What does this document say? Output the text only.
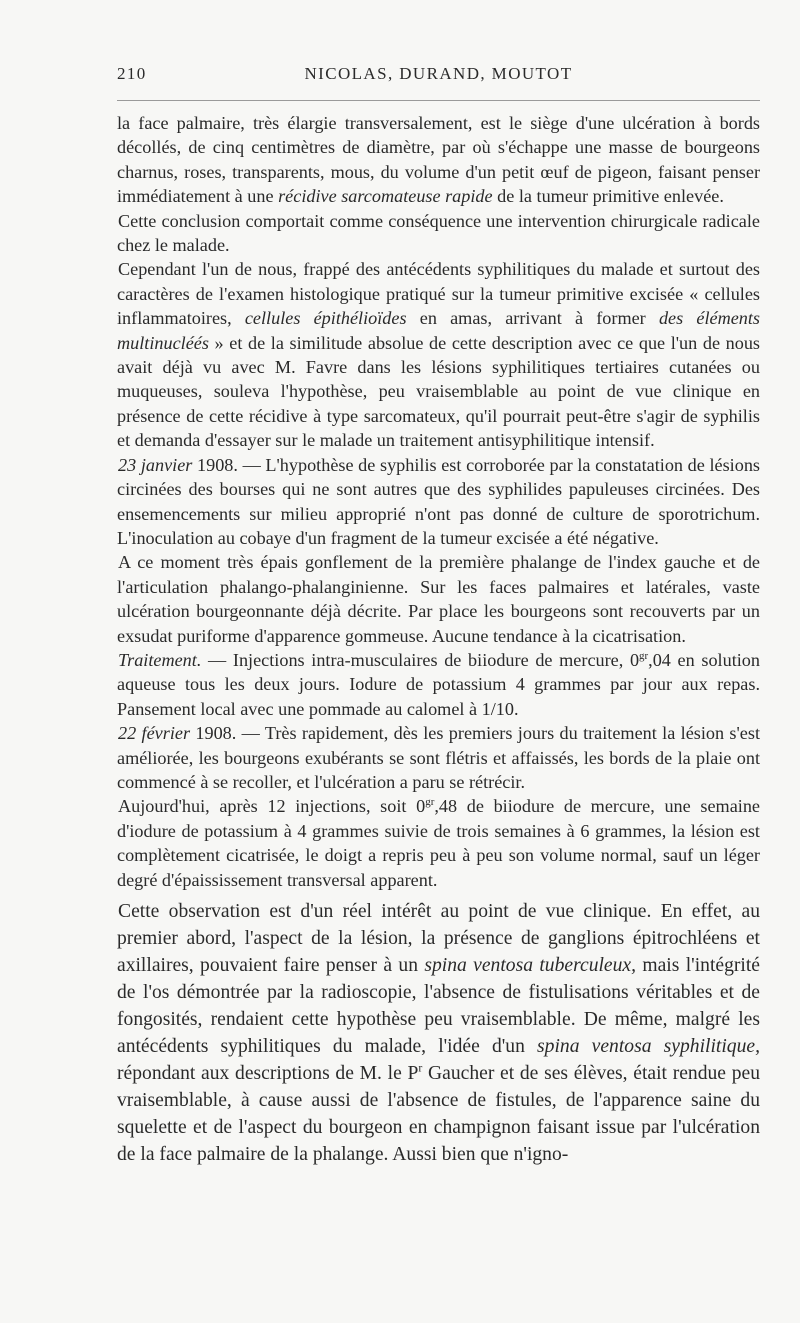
210	NICOLAS, DURAND, MOUTOT

la face palmaire, très élargie transversalement, est le siège d'une ulcération à bords décollés, de cinq centimètres de diamètre, par où s'échappe une masse de bourgeons charnus, roses, transparents, mous, du volume d'un petit œuf de pigeon, faisant penser immédiatement à une récidive sarcomateuse rapide de la tumeur primitive enlevée.

Cette conclusion comportait comme conséquence une intervention chirurgicale radicale chez le malade.

Cependant l'un de nous, frappé des antécédents syphilitiques du malade et surtout des caractères de l'examen histologique pratiqué sur la tumeur primitive excisée « cellules inflammatoires, cellules épithélioïdes en amas, arrivant à former des éléments multinucléés » et de la similitude absolue de cette description avec ce que l'un de nous avait déjà vu avec M. Favre dans les lésions syphilitiques tertiaires cutanées ou muqueuses, souleva l'hypothèse, peu vraisemblable au point de vue clinique en présence de cette récidive à type sarcomateux, qu'il pourrait peut-être s'agir de syphilis et demanda d'essayer sur le malade un traitement antisyphilitique intensif.

23 janvier 1908. — L'hypothèse de syphilis est corroborée par la constatation de lésions circinées des bourses qui ne sont autres que des syphilides papuleuses circinées. Des ensemencements sur milieu approprié n'ont pas donné de culture de sporotrichum. L'inoculation au cobaye d'un fragment de la tumeur excisée a été négative.

A ce moment très épais gonflement de la première phalange de l'index gauche et de l'articulation phalango-phalanginienne. Sur les faces palmaires et latérales, vaste ulcération bourgeonnante déjà décrite. Par place les bourgeons sont recouverts par un exsudat puriforme d'apparence gommeuse. Aucune tendance à la cicatrisation.

Traitement. — Injections intra-musculaires de biiodure de mercure, $0^{gr},04$ en solution aqueuse tous les deux jours. Iodure de potassium 4 grammes par jour aux repas. Pansement local avec une pommade au calomel à 1/10.

22 février 1908. — Très rapidement, dès les premiers jours du traitement la lésion s'est améliorée, les bourgeons exubérants se sont flétris et affaissés, les bords de la plaie ont commencé à se recoller, et l'ulcération a paru se rétrécir.

Aujourd'hui, après 12 injections, soit $0^{gr},48$ de biiodure de mercure, une semaine d'iodure de potassium à 4 grammes suivie de trois semaines à 6 grammes, la lésion est complètement cicatrisée, le doigt a repris peu à peu son volume normal, sauf un léger degré d'épaississement transversal apparent.

Cette observation est d'un réel intérêt au point de vue clinique. En effet, au premier abord, l'aspect de la lésion, la présence de ganglions épitrochléens et axillaires, pouvaient faire penser à un spina ventosa tuberculeux, mais l'intégrité de l'os démontrée par la radioscopie, l'absence de fistulisations véritables et de fongosités, rendaient cette hypothèse peu vraisemblable. De même, malgré les antécédents syphilitiques du malade, l'idée d'un spina ventosa syphilitique, répondant aux descriptions de M. le $P^r$ Gaucher et de ses élèves, était rendue peu vraisemblable, à cause aussi de l'absence de fistules, de l'apparence saine du squelette et de l'aspect du bourgeon en champignon faisant issue par l'ulcération de la face palmaire de la phalange. Aussi bien que n'igno-
